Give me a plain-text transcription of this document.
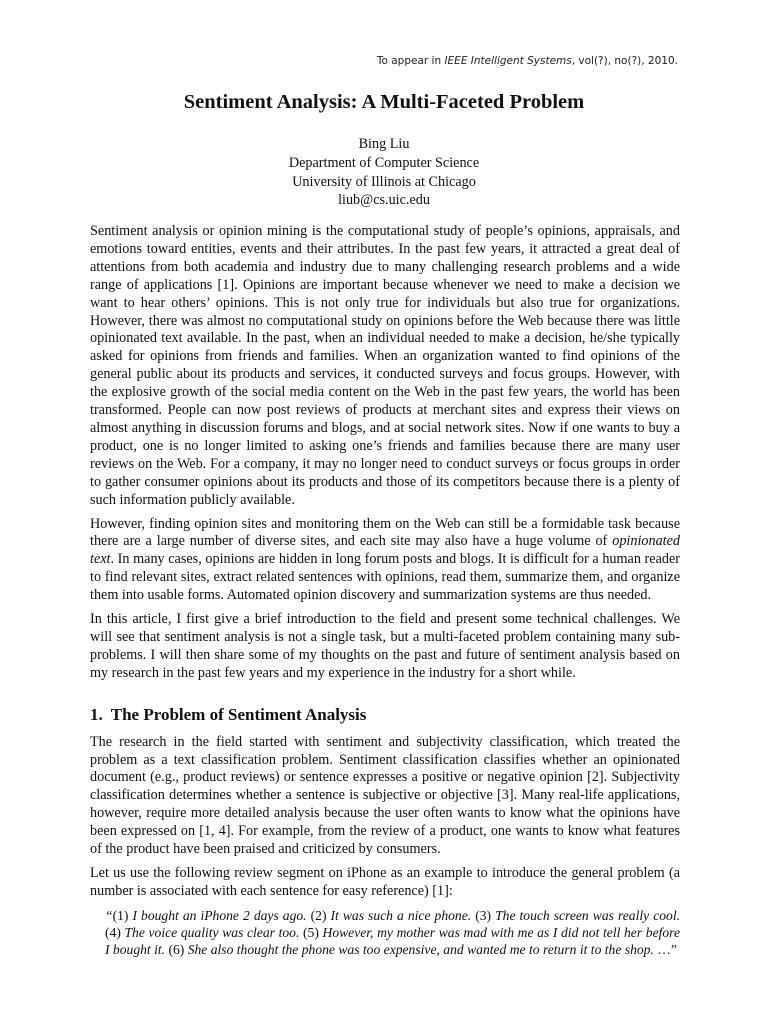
To appear in IEEE Intelligent Systems, vol(?), no(?), 2010.
Sentiment Analysis: A Multi-Faceted Problem
Bing Liu
Department of Computer Science
University of Illinois at Chicago
liub@cs.uic.edu

Sentiment analysis or opinion mining is the computational study of people’s opinions, appraisals, and emotions toward entities, events and their attributes. In the past few years, it attracted a great deal of attentions from both academia and industry due to many challenging research problems and a wide range of applications [1]. Opinions are important because whenever we need to make a decision we want to hear others’ opinions. This is not only true for individuals but also true for organizations. However, there was almost no computational study on opinions before the Web because there was little opinionated text available. In the past, when an individual needed to make a decision, he/she typically asked for opinions from friends and families. When an organization wanted to find opinions of the general public about its products and services, it conducted surveys and focus groups. However, with the explosive growth of the social media content on the Web in the past few years, the world has been transformed. People can now post reviews of products at merchant sites and express their views on almost anything in discussion forums and blogs, and at social network sites. Now if one wants to buy a product, one is no longer limited to asking one’s friends and families because there are many user reviews on the Web. For a company, it may no longer need to conduct surveys or focus groups in order to gather consumer opinions about its products and those of its competitors because there is a plenty of such information publicly available.

However, finding opinion sites and monitoring them on the Web can still be a formidable task because there are a large number of diverse sites, and each site may also have a huge volume of opinionated text. In many cases, opinions are hidden in long forum posts and blogs. It is difficult for a human reader to find relevant sites, extract related sentences with opinions, read them, summarize them, and organize them into usable forms. Automated opinion discovery and summarization systems are thus needed.

In this article, I first give a brief introduction to the field and present some technical challenges. We will see that sentiment analysis is not a single task, but a multi-faceted problem containing many sub-problems. I will then share some of my thoughts on the past and future of sentiment analysis based on my research in the past few years and my experience in the industry for a short while.

1. The Problem of Sentiment Analysis

The research in the field started with sentiment and subjectivity classification, which treated the problem as a text classification problem. Sentiment classification classifies whether an opinionated document (e.g., product reviews) or sentence expresses a positive or negative opinion [2]. Subjectivity classification determines whether a sentence is subjective or objective [3]. Many real-life applications, however, require more detailed analysis because the user often wants to know what the opinions have been expressed on [1, 4]. For example, from the review of a product, one wants to know what features of the product have been praised and criticized by consumers.

Let us use the following review segment on iPhone as an example to introduce the general problem (a number is associated with each sentence for easy reference) [1]:

“(1) I bought an iPhone 2 days ago. (2) It was such a nice phone. (3) The touch screen was really cool. (4) The voice quality was clear too. (5) However, my mother was mad with me as I did not tell her before I bought it. (6) She also thought the phone was too expensive, and wanted me to return it to the shop. …”
